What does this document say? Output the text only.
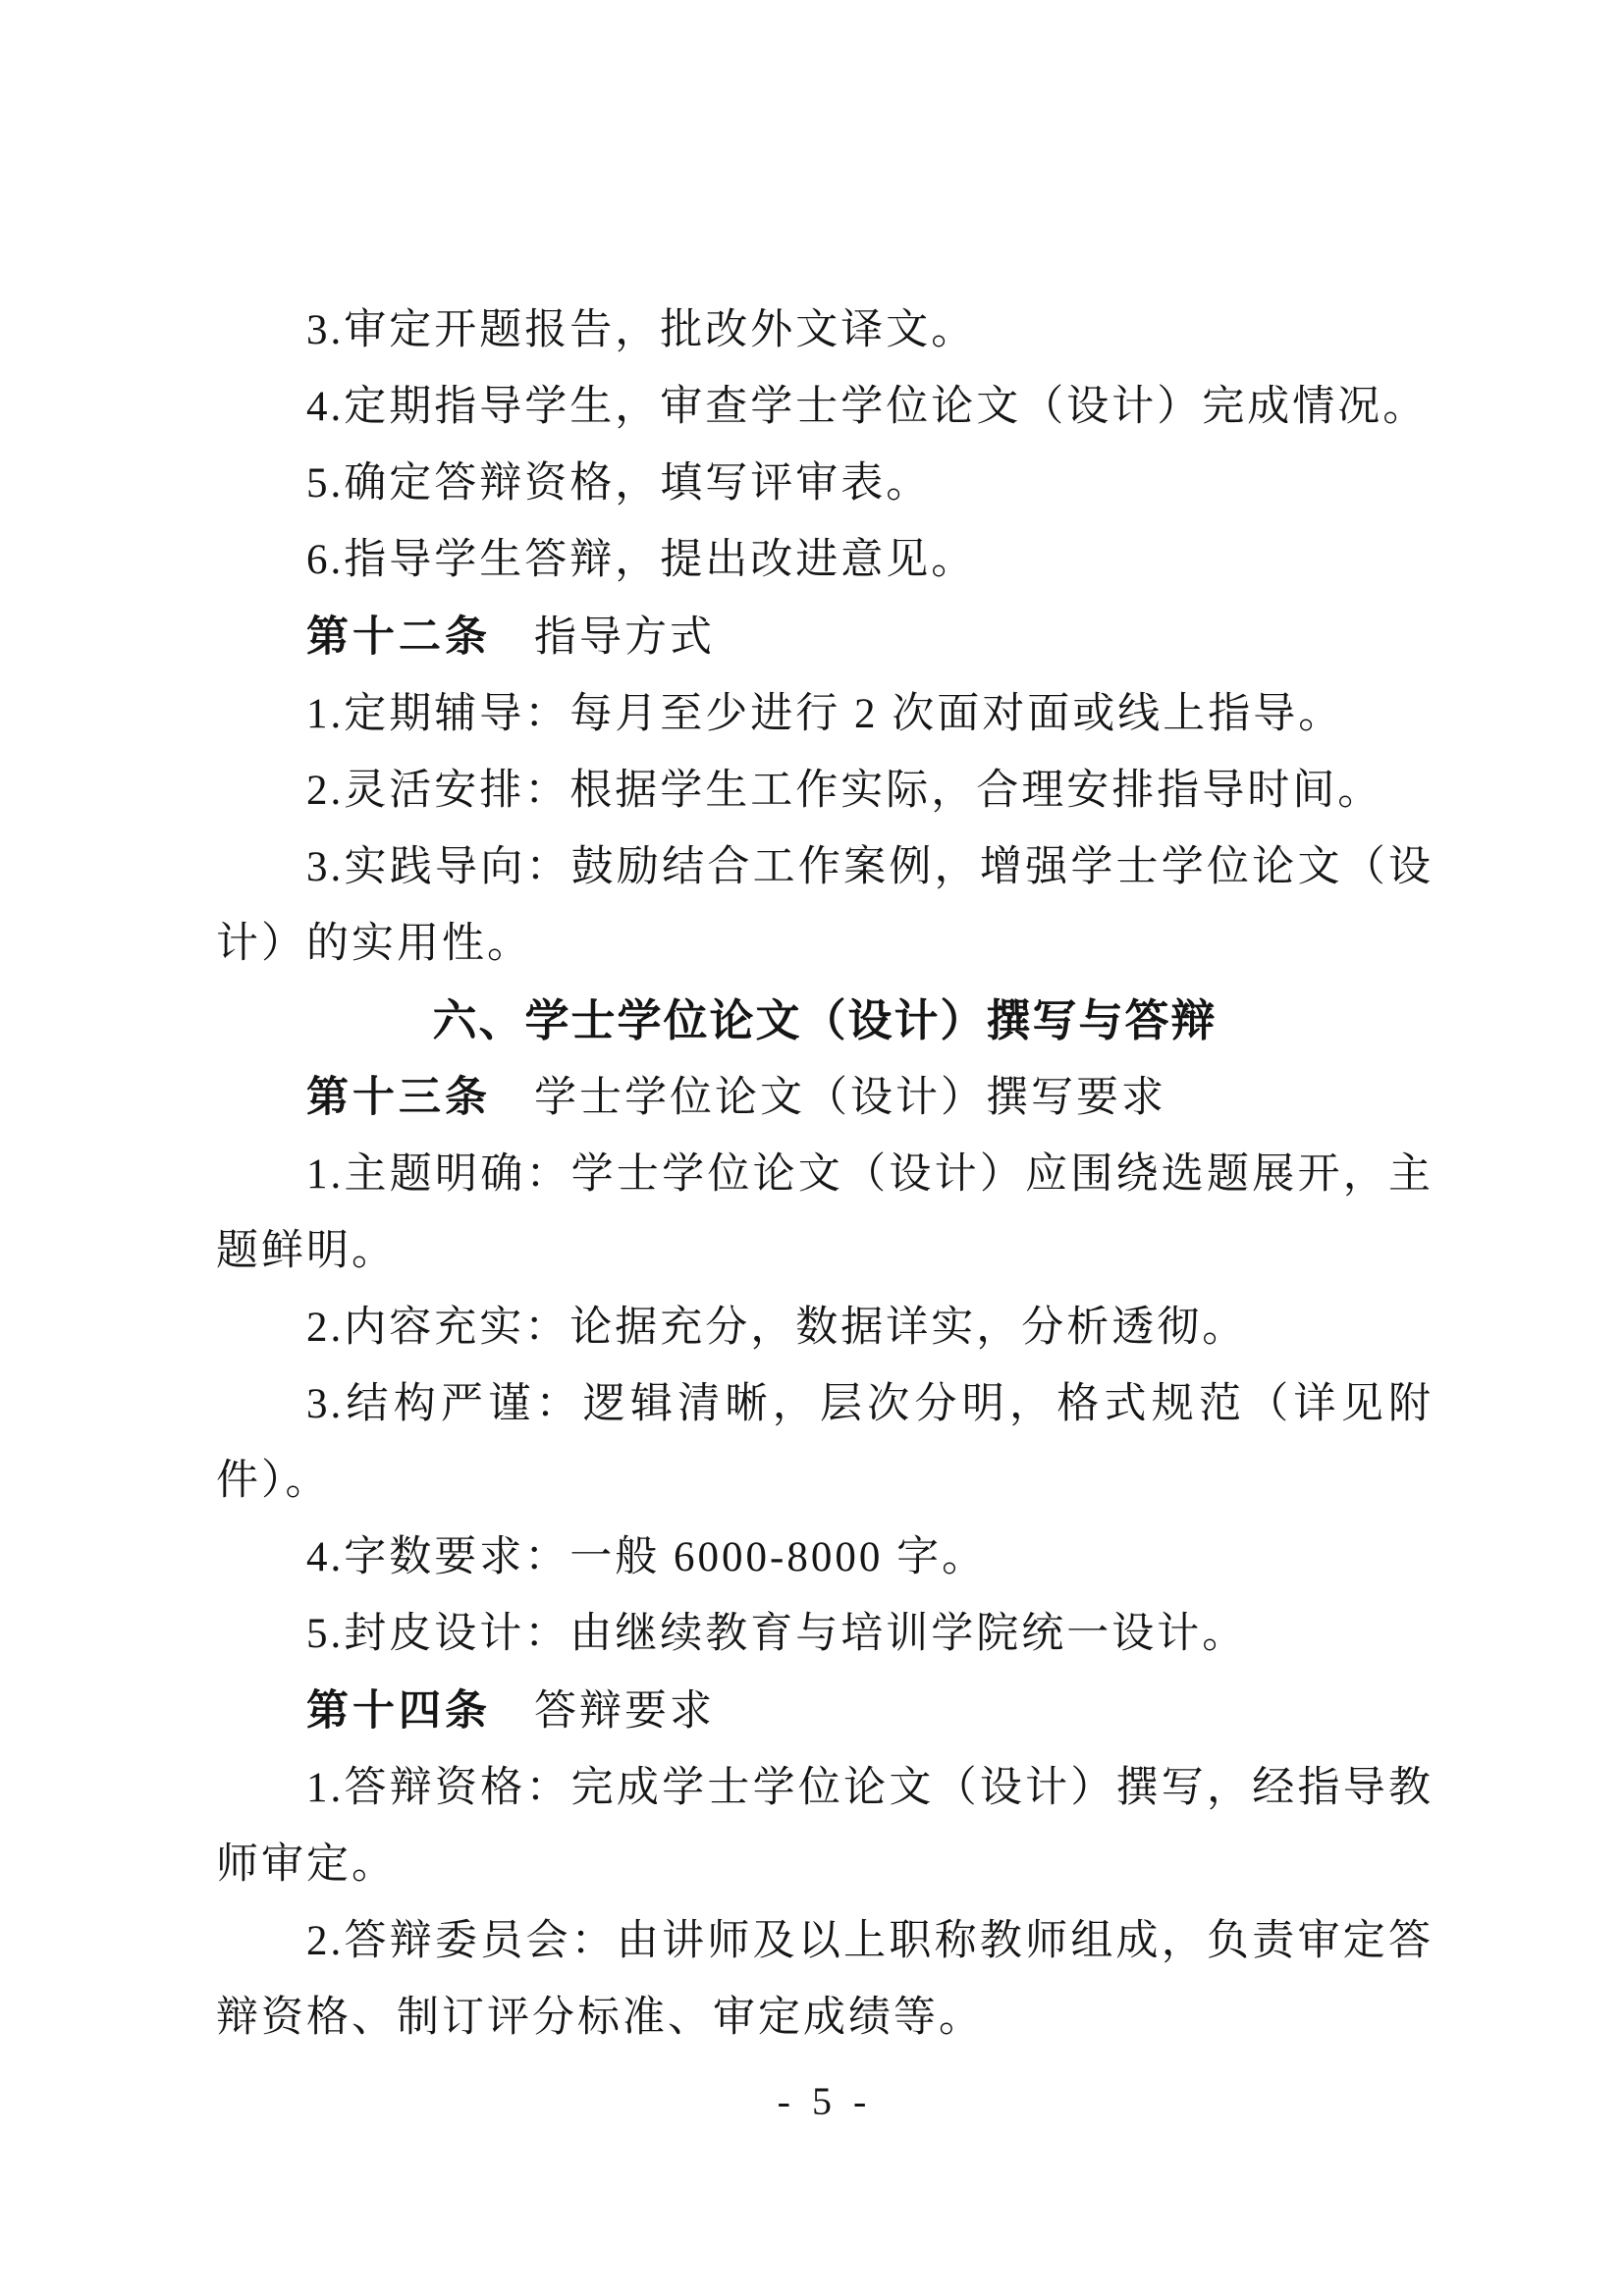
3.审定开题报告，批改外文译文。

4.定期指导学生，审查学士学位论文（设计）完成情况。

5.确定答辩资格，填写评审表。

6.指导学生答辩，提出改进意见。

第十二条 指导方式

1.定期辅导：每月至少进行 2 次面对面或线上指导。

2.灵活安排：根据学生工作实际，合理安排指导时间。

3.实践导向：鼓励结合工作案例，增强学士学位论文（设计）的实用性。

六、学士学位论文（设计）撰写与答辩

第十三条 学士学位论文（设计）撰写要求

1.主题明确：学士学位论文（设计）应围绕选题展开，主题鲜明。

2.内容充实：论据充分，数据详实，分析透彻。

3.结构严谨：逻辑清晰，层次分明，格式规范（详见附件）。

4.字数要求：一般 6000-8000 字。

5.封皮设计：由继续教育与培训学院统一设计。

第十四条 答辩要求

1.答辩资格：完成学士学位论文（设计）撰写，经指导教师审定。

2.答辩委员会：由讲师及以上职称教师组成，负责审定答辩资格、制订评分标准、审定成绩等。

- 5 -
